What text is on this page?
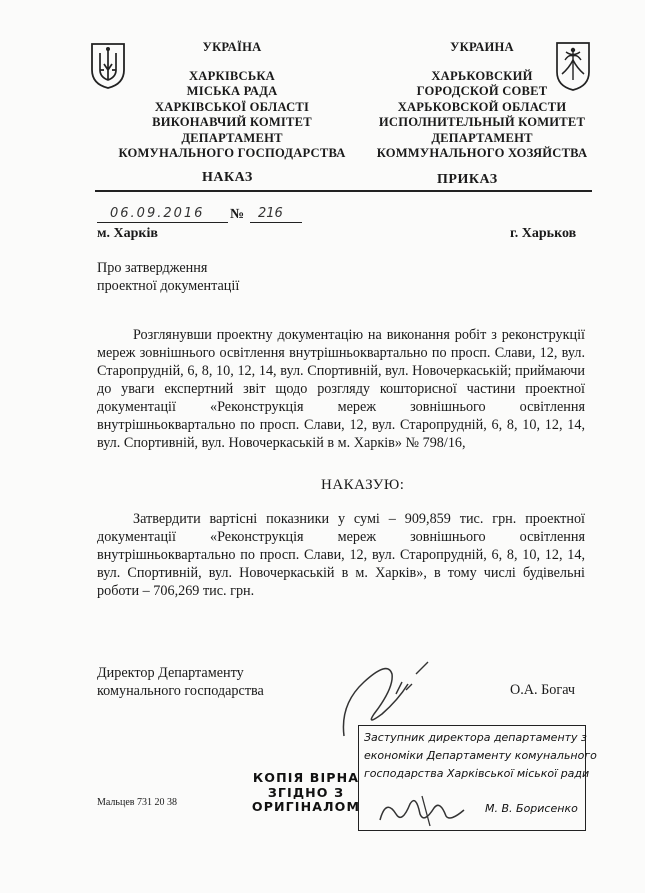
УКРАЇНА
ХАРКІВСЬКА
МІСЬКА РАДА
ХАРКІВСЬКОЇ ОБЛАСТІ
ВИКОНАВЧИЙ КОМІТЕТ
ДЕПАРТАМЕНТ
КОМУНАЛЬНОГО ГОСПОДАРСТВА
УКРАИНА
ХАРЬКОВСКИЙ
ГОРОДСКОЙ СОВЕТ
ХАРЬКОВСКОЙ ОБЛАСТИ
ИСПОЛНИТЕЛЬНЫЙ КОМИТЕТ
ДЕПАРТАМЕНТ
КОММУНАЛЬНОГО ХОЗЯЙСТВА
НАКАЗ	ПРИКАЗ
06.09.2016 № 216
м. Харків	г. Харьков
Про затвердження
проектної документації
Розглянувши проектну документацію на виконання робіт з реконструкції мереж зовнішнього освітлення внутрішньоквартально по просп. Слави, 12, вул. Старопрудній, 6, 8, 10, 12, 14, вул. Спортивній, вул. Новочеркаській; приймаючи до уваги експертний звіт щодо розгляду кошторисної частини проектної документації «Реконструкція мереж зовнішнього освітлення внутрішньоквартально по просп. Слави, 12, вул. Старопрудній, 6, 8, 10, 12, 14, вул. Спортивній, вул. Новочеркаській в м. Харків» № 798/16,
НАКАЗУЮ:
Затвердити вартісні показники у сумі – 909,859 тис. грн. проектної документації «Реконструкція мереж зовнішнього освітлення внутрішньоквартально по просп. Слави, 12, вул. Старопрудній, 6, 8, 10, 12, 14, вул. Спортивній, вул. Новочеркаській в м. Харків», в тому числі будівельні роботи – 706,269 тис. грн.
Директор Департаменту
комунального господарства	О.А. Богач
КОПІЯ ВІРНА
ЗГІДНО З
ОРИГІНАЛОМ
Заступник директора департаменту з
економіки Департаменту комунального
господарства Харківської міської ради
М. В. Борисенко
Мальцев 731 20 38
